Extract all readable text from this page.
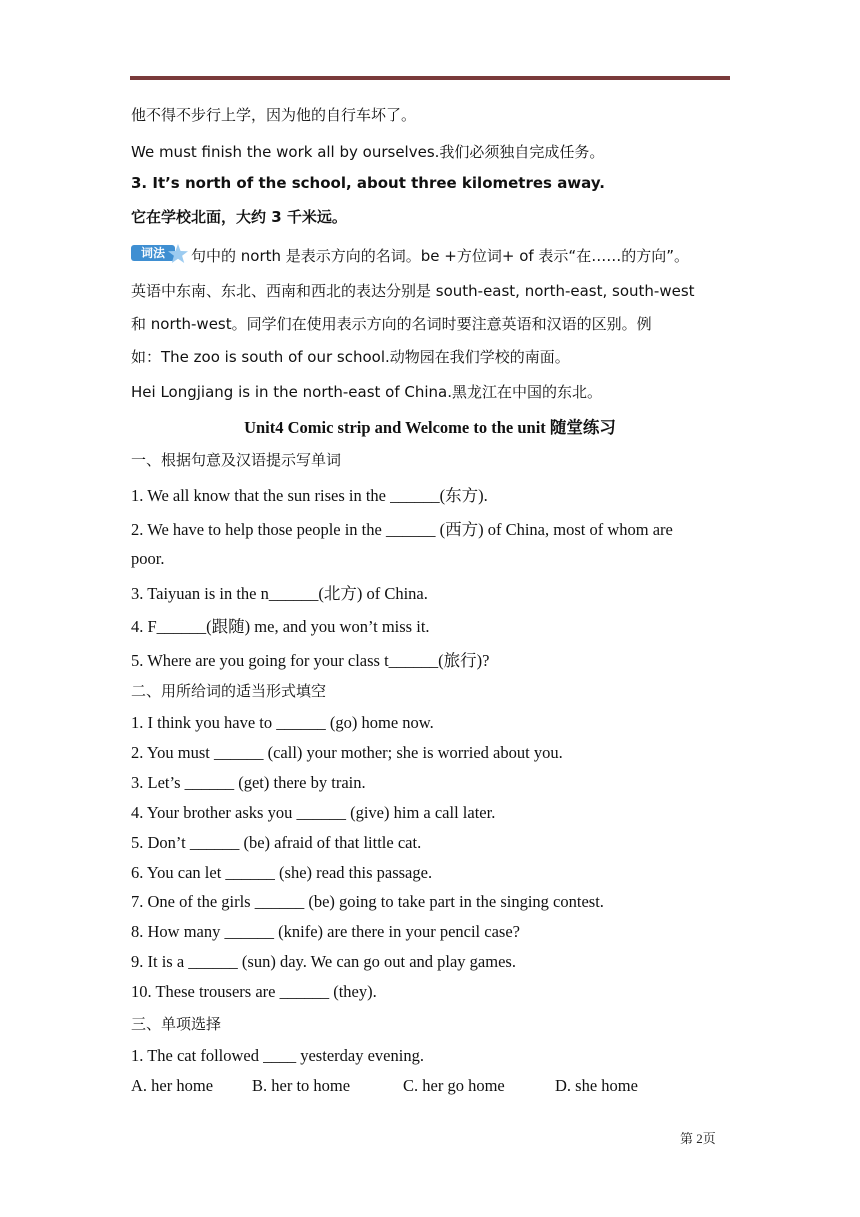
他不得不步行上学，因为他的自行车坏了。
We must finish the work all by ourselves.我们必须独自完成任务。
3. It’s north of the school, about three kilometres away.
它在学校北面，大约 3 千米远。
词法	句中的 north 是表示方向的名词。be +方位词+ of 表示“在……的方向”。
英语中东南、东北、西南和西北的表达分别是 south-east, north-east, south-west
和 north-west。同学们在使用表示方向的名词时要注意英语和汉语的区别。例
如：The zoo is south of our school.动物园在我们学校的南面。
Hei Longjiang is in the north-east of China.黑龙江在中国的东北。
Unit4 Comic strip and Welcome to the unit 随堂练习
一、根据句意及汉语提示写单词
1. We all know that the sun rises in the ______(东方).
2. We have to help those people in the ______ (西方) of China, most of whom are
poor.
3. Taiyuan is in the n______(北方) of China.
4. F______(跟随) me, and you won’t miss it.
5. Where are you going for your class t______(旅行)?
二、用所给词的适当形式填空
1. I think you have to ______ (go) home now.
2. You must ______ (call) your mother; she is worried about you.
3. Let’s ______ (get) there by train.
4. Your brother asks you ______ (give) him a call later.
5. Don’t ______ (be) afraid of that little cat.
6. You can let ______ (she) read this passage.
7. One of the girls ______ (be) going to take part in the singing contest.
8. How many ______ (knife) are there in your pencil case?
9. It is a ______ (sun) day. We can go out and play games.
10. These trousers are ______ (they).
三、单项选择
1. The cat followed ____ yesterday evening.
A. her home B. her to home	C. her go home	D. she home
第 2页
